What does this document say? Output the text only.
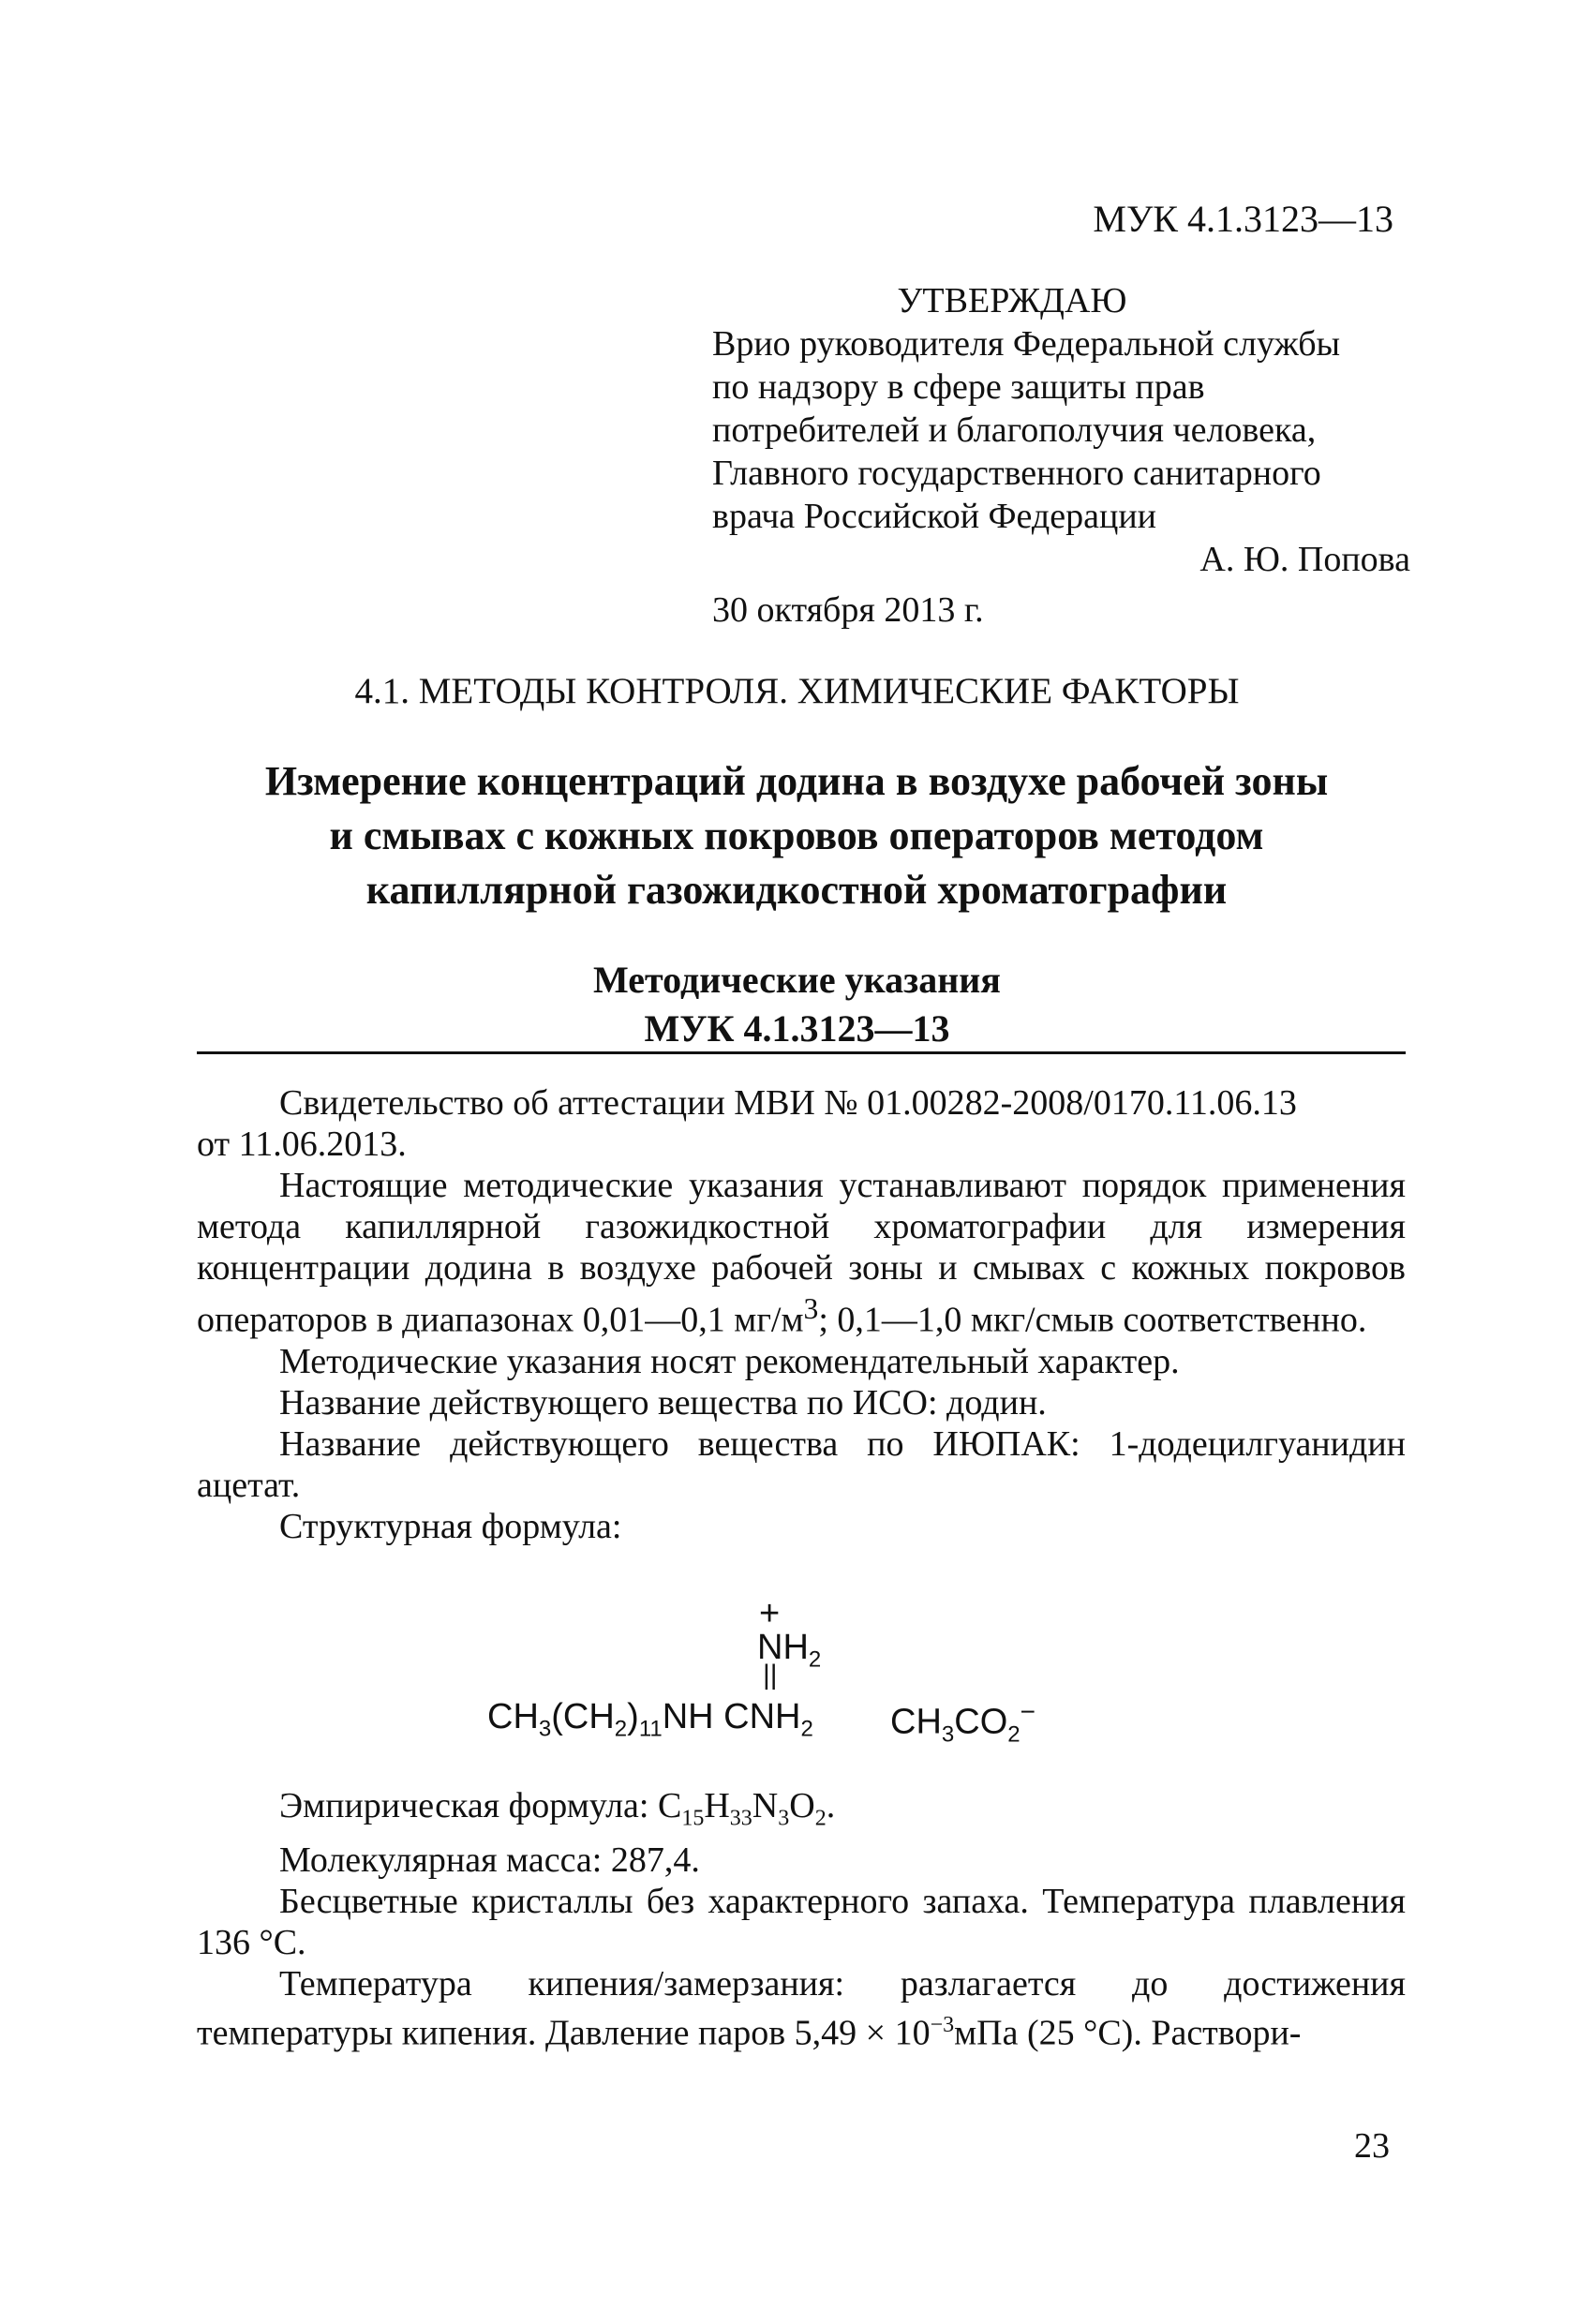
МУК 4.1.3123—13

УТВЕРЖДАЮ

Врио руководителя Федеральной службы

по надзору в сфере защиты прав

потребителей и благополучия человека,

Главного государственного санитарного

врача Российской Федерации

А. Ю. Попова

30 октября 2013 г.

4.1. МЕТОДЫ КОНТРОЛЯ. ХИМИЧЕСКИЕ ФАКТОРЫ

Измерение концентраций додина в воздухе рабочей зоны
и смывах с кожных покровов операторов методом
капиллярной газожидкостной хроматографии

Методические указания

МУК 4.1.3123—13

Свидетельство об аттестации МВИ № 01.00282-2008/0170.11.06.13

от 11.06.2013.

Настоящие методические указания устанавливают порядок применения метода капиллярной газожидкостной хроматографии для измерения концентрации додина в воздухе рабочей зоны и смывах с кожных покровов операторов в диапазонах 0,01—0,1 $мг/м^3$; 0,1—1,0 мкг/смыв соответственно.

Методические указания носят рекомендательный характер.

Название действующего вещества по ИСО: додин.

Название действующего вещества по ИЮПАК: 1-додецилгуанидин ацетат.

Структурная формула:

+
$NH_2$
||
$CH_3(CH_2)_{11}NH$ $CNH_2$ $CH_3CO_2^-$

Эмпирическая формула: $C_{15}H_{33}N_3O_2$.

Молекулярная масса: 287,4.

Бесцветные кристаллы без характерного запаха. Температура плавления 136 °С.

Температура кипения/замерзания: разлагается до достижения температуры кипения. Давление паров $5,49 \times 10^{-3}мПа$ (25 °С). Раствори-

23
